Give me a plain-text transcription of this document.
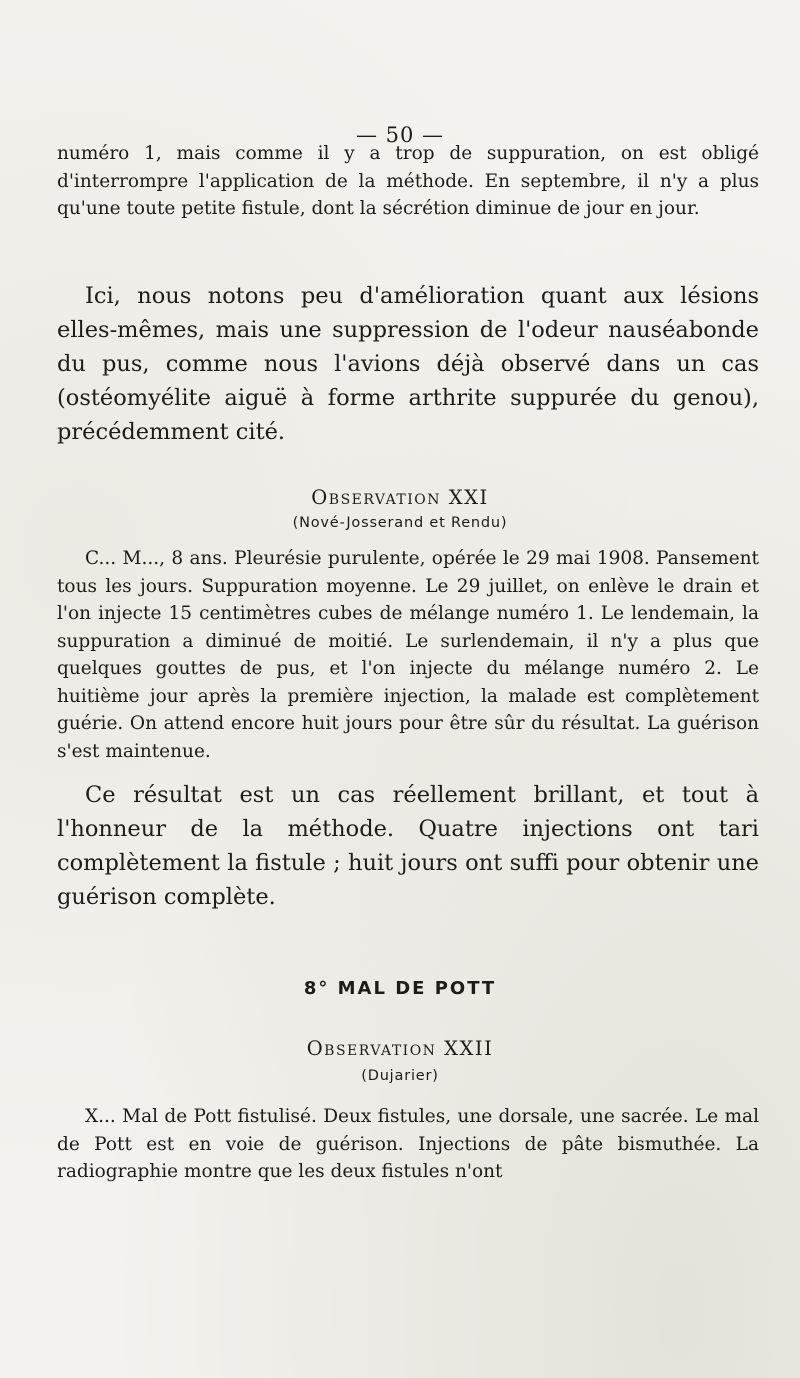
— 50 —

numéro 1, mais comme il y a trop de suppuration, on est obligé d'interrompre l'application de la méthode. En septembre, il n'y a plus qu'une toute petite fistule, dont la sécrétion diminue de jour en jour.

Ici, nous notons peu d'amélioration quant aux lésions elles-mêmes, mais une suppression de l'odeur nauséabonde du pus, comme nous l'avions déjà observé dans un cas (ostéomyélite aiguë à forme arthrite suppurée du genou), précédemment cité.

Observation XXI

(Nové-Josserand et Rendu)

C... M..., 8 ans. Pleurésie purulente, opérée le 29 mai 1908. Pansement tous les jours. Suppuration moyenne. Le 29 juillet, on enlève le drain et l'on injecte 15 centimètres cubes de mélange numéro 1. Le lendemain, la suppuration a diminué de moitié. Le surlendemain, il n'y a plus que quelques gouttes de pus, et l'on injecte du mélange numéro 2. Le huitième jour après la première injection, la malade est complètement guérie. On attend encore huit jours pour être sûr du résultat. La guérison s'est maintenue.

Ce résultat est un cas réellement brillant, et tout à l'honneur de la méthode. Quatre injections ont tari complètement la fistule ; huit jours ont suffi pour obtenir une guérison complète.

8° MAL DE POTT

Observation XXII

(Dujarier)

X... Mal de Pott fistulisé. Deux fistules, une dorsale, une sacrée. Le mal de Pott est en voie de guérison. Injections de pâte bismuthée. La radiographie montre que les deux fistules n'ont
